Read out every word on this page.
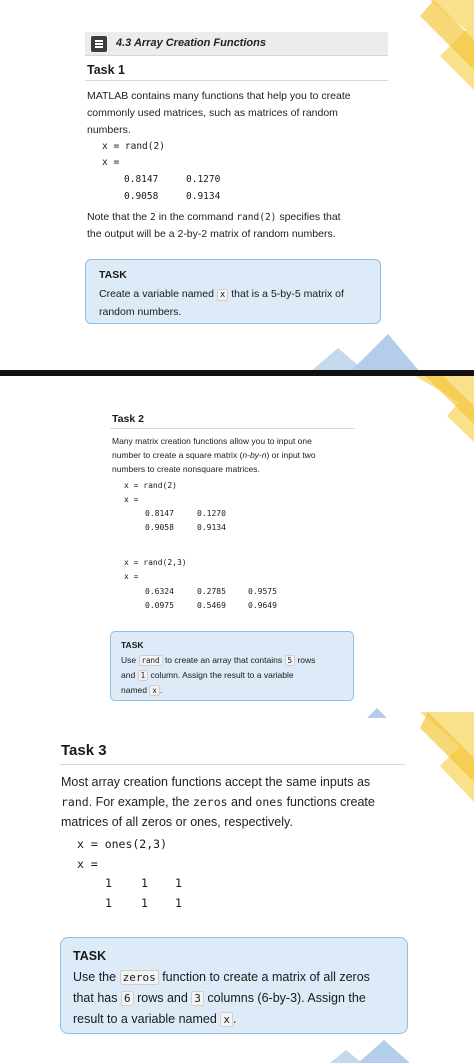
4.3 Array Creation Functions
Task 1
MATLAB contains many functions that help you to create
commonly used matrices, such as matrices of random
numbers.
x = rand(2)
x =
0.8147	0.1270
0.9058	0.9134
Note that the 2 in the command rand(2) specifies that
the output will be a 2-by-2 matrix of random numbers.
TASK
Create a variable named x that is a 5-by-5 matrix of
random numbers.
Task 2
Many matrix creation functions allow you to input one
number to create a square matrix (n-by-n) or input two
numbers to create nonsquare matrices.
x = rand(2)
x =
0.8147	0.1270
0.9058	0.9134
x = rand(2,3)
x =
0.6324	0.2785	0.9575
0.0975	0.5469	0.9649
TASK
Use rand to create an array that contains 5 rows
and 1 column. Assign the result to a variable
named x .
Task 3
Most array creation functions accept the same inputs as
rand. For example, the zeros and ones functions create
matrices of all zeros or ones, respectively.
x = ones(2,3)
x =
1	1 1
1	1 1
TASK
Use the zeros function to create a matrix of all zeros
that has 6 rows and 3 columns (6-by-3). Assign the
result to a variable named x .
